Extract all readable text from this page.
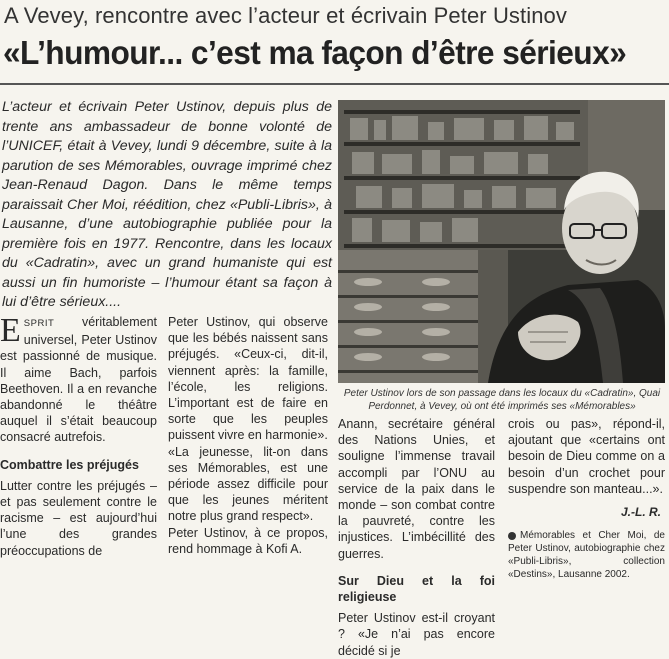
A Vevey, rencontre avec l’acteur et écrivain Peter Ustinov
«L’humour... c’est ma façon d’être sérieux»

L’acteur et écrivain Peter Ustinov, depuis plus de trente ans ambassadeur de bonne volonté de l’UNICEF, était à Vevey, lundi 9 décembre, suite à la parution de ses Mémorables, ouvrage imprimé chez Jean-Renaud Dagon. Dans le même temps paraissait Cher Moi, réédition, chez «Publi-Libris», à Lausanne, d’une autobiographie publiée pour la première fois en 1977. Rencontre, dans les locaux du «Cadratin», avec un grand humaniste qui est aussi un fin humoriste – l’humour étant sa façon à lui d’être sérieux....

Peter Ustinov lors de son passage dans les locaux du «Cadratin», Quai Perdonnet, à Vevey, où ont été imprimés ses «Mémorables»

ESPRIT véritablement universel, Peter Ustinov est passionné de musique. Il aime Bach, parfois Beethoven. Il a en revanche abandonné le théâtre auquel il s’était beaucoup consacré autrefois.

Combattre les préjugés

Lutter contre les préjugés – et pas seulement contre le racisme – est aujourd’hui l’une des grandes préoccupations de

Peter Ustinov, qui observe que les bébés naissent sans préjugés. «Ceux-ci, dit-il, viennent après: la famille, l’école, les religions. L’important est de faire en sorte que les peuples puissent vivre en harmonie».

«La jeunesse, lit-on dans ses Mémorables, est une période assez difficile pour que les jeunes méritent notre plus grand respect».

Peter Ustinov, à ce propos, rend hommage à Kofi A.

Anann, secrétaire général des Nations Unies, et souligne l’immense travail accompli par l’ONU au service de la paix dans le monde – son combat contre la pauvreté, contre les injustices. L’imbécillité des guerres.

Sur Dieu et la foi religieuse

Peter Ustinov est-il croyant ? «Je n’ai pas encore décidé si je

crois ou pas», répond-il, ajoutant que «certains ont besoin de Dieu comme on a besoin d’un crochet pour suspendre son manteau...».

J.-L. R.
Mémorables et Cher Moi, de Peter Ustinov, autobiographie chez «Publi-Libris», collection «Destins», Lausanne 2002.
